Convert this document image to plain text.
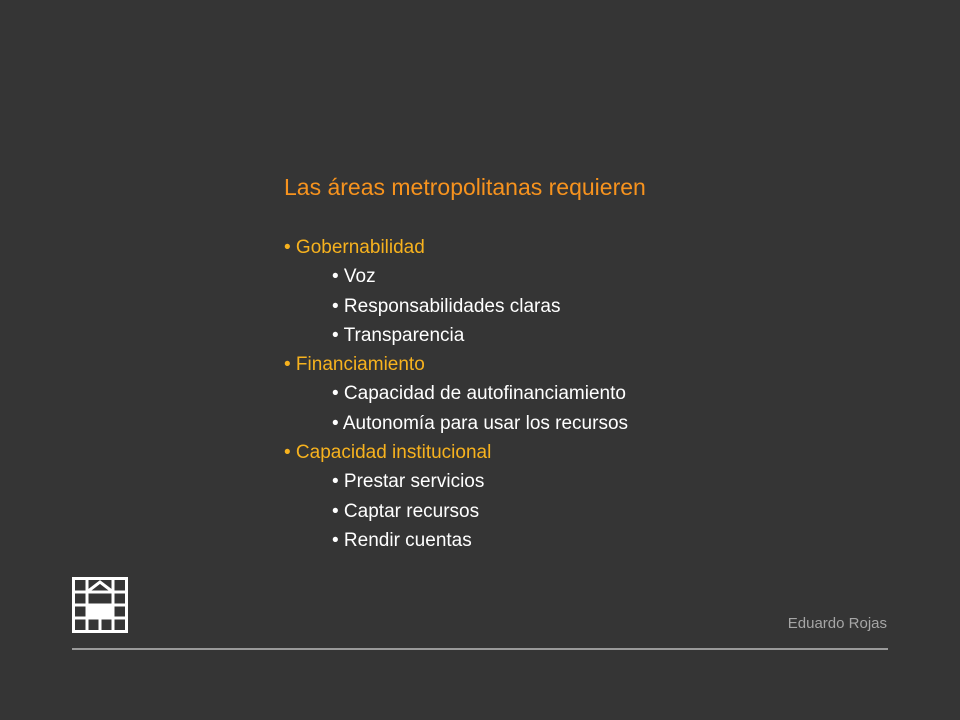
Las áreas metropolitanas requieren
• Gobernabilidad
• Voz
• Responsabilidades claras
• Transparencia
• Financiamiento
• Capacidad de autofinanciamiento
• Autonomía para usar los recursos
• Capacidad institucional
• Prestar servicios
• Captar recursos
• Rendir cuentas
Eduardo Rojas
